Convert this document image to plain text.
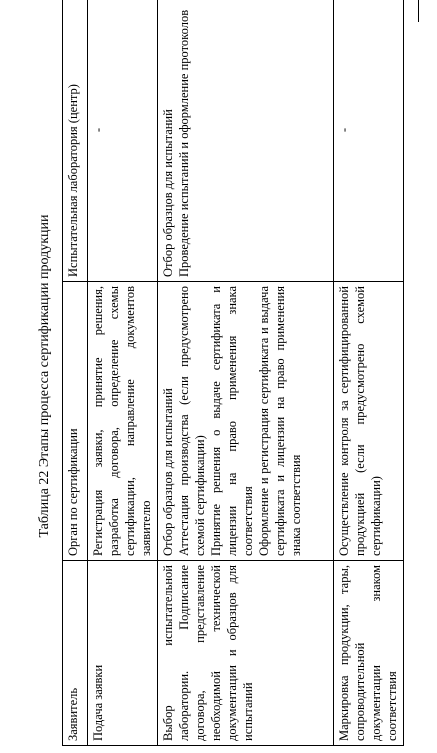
Таблица 22 Этапы процесса сертификации продукции
Заявитель	Орган по сертификации	Испытательная лаборатория (центр)
Подача заявки	Регистрация заявки, принятие решения, разработка договора, определение схемы сертификации, направление документов заявителю	-

Выбор испытательной лаборатории. Подписание договора, представление необходимой технической документации и образцов для испытаний	Отбор образцов для испытаний Аттестация производства (если предусмотрено схемой сертификации) Принятие решения о выдаче сертификата и лицензии на право применения знака соответствия Оформление и регистрация сертификата и выдача сертификата и лицензии на право применения знака соответствия	Отбор образцов для испытаний Проведение испытаний и оформление протоколов

Маркировка продукции, тары, сопроводительной документации знаком соответствия	Осуществление контроля за сертифицированной продукцией (если предусмотрено схемой сертификации)	-
